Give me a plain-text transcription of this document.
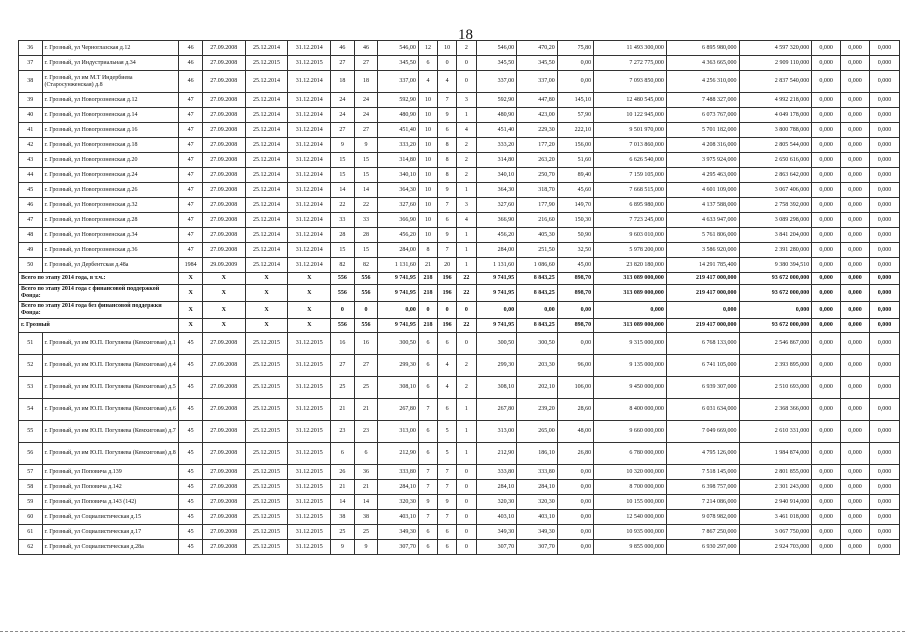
18
36	г. Грозный, ул Черноглазская д.12	46	27.09.2008	25.12.2014	31.12.2014	46	46	546,00	12	10	2	546,00	470,20	75,80	11 493 300,000	6 895 980,000	4 597 320,000	0,000	0,000	0,000
37	г. Грозный, ул Индустриальная д.34	46	27.09.2008	25.12.2015	31.12.2015	27	27	345,50	6	0	0	345,50	345,50	0,00	7 272 775,000	4 363 665,000	2 909 110,000	0,000	0,000	0,000
38	г. Грозный, ул им М.Т Индербиева (Старосунженская) д.8	46	27.09.2008	25.12.2014	31.12.2014	18	18	337,00	4	4	0	337,00	337,00	0,00	7 093 850,000	4 256 310,000	2 837 540,000	0,000	0,000	0,000
39	г. Грозный, ул Новогрозненская д.12	47	27.09.2008	25.12.2014	31.12.2014	24	24	592,90	10	7	3	592,90	447,80	145,10	12 480 545,000	7 488 327,000	4 992 218,000	0,000	0,000	0,000
40	г. Грозный, ул Новогрозненская д.14	47	27.09.2008	25.12.2014	31.12.2014	24	24	480,90	10	9	1	480,90	423,00	57,90	10 122 945,000	6 073 767,000	4 049 178,000	0,000	0,000	0,000
41	г. Грозный, ул Новогрозненская д.16	47	27.09.2008	25.12.2014	31.12.2014	27	27	451,40	10	6	4	451,40	229,30	222,10	9 501 970,000	5 701 182,000	3 800 788,000	0,000	0,000	0,000
42	г. Грозный, ул Новогрозненская д.18	47	27.09.2008	25.12.2014	31.12.2014	9	9	333,20	10	8	2	333,20	177,20	156,00	7 013 860,000	4 208 316,000	2 805 544,000	0,000	0,000	0,000
43	г. Грозный, ул Новогрозненская д.20	47	27.09.2008	25.12.2014	31.12.2014	15	15	314,80	10	8	2	314,80	263,20	51,60	6 626 540,000	3 975 924,000	2 650 616,000	0,000	0,000	0,000
44	г. Грозный, ул Новогрозненская д.24	47	27.09.2008	25.12.2014	31.12.2014	15	15	340,10	10	8	2	340,10	250,70	89,40	7 159 105,000	4 295 463,000	2 863 642,000	0,000	0,000	0,000
45	г. Грозный, ул Новогрозненская д.26	47	27.09.2008	25.12.2014	31.12.2014	14	14	364,30	10	9	1	364,30	318,70	45,60	7 668 515,000	4 601 109,000	3 067 406,000	0,000	0,000	0,000
46	г. Грозный, ул Новогрозненская д.32	47	27.09.2008	25.12.2014	31.12.2014	22	22	327,60	10	7	3	327,60	177,90	149,70	6 895 980,000	4 137 588,000	2 758 392,000	0,000	0,000	0,000
47	г. Грозный, ул Новогрозненская д.28	47	27.09.2008	25.12.2014	31.12.2014	33	33	366,90	10	6	4	366,90	216,60	150,30	7 723 245,000	4 633 947,000	3 089 298,000	0,000	0,000	0,000
48	г. Грозный, ул Новогрозненская д.34	47	27.09.2008	25.12.2014	31.12.2014	28	28	456,20	10	9	1	456,20	405,30	50,90	9 603 010,000	5 761 806,000	3 841 204,000	0,000	0,000	0,000
49	г. Грозный, ул Новогрозненская д.36	47	27.09.2008	25.12.2014	31.12.2014	15	15	284,00	8	7	1	284,00	251,50	32,50	5 978 200,000	3 586 920,000	2 391 280,000	0,000	0,000	0,000
50	г. Грозный, ул Дербентская д.48а	1984	29.09.2009	25.12.2014	31.12.2014	82	82	1 131,60	21	20	1	1 131,60	1 086,60	45,00	23 820 180,000	14 291 785,400	9 380 394,510	0,000	0,000	0,000
Всего по этапу 2014 года, в т.ч.:		X	X	X	X	556	556	9 741,95	218	196	22	9 741,95	8 843,25	898,70	313 089 000,000	219 417 000,000	93 672 000,000	0,000	0,000	0,000
Всего по этапу 2014 года с финансовой поддержкой Фонда:		X	X	X	X	556	556	9 741,95	218	196	22	9 741,95	8 843,25	898,70	313 089 000,000	219 417 000,000	93 672 000,000	0,000	0,000	0,000
Всего по этапу 2014 года без финансовой поддержки Фонда:		X	X	X	X	0	0	0,00	0	0	0	0,00	0,00	0,00	0,000	0,000	0,000	0,000	0,000	0,000
г. Грозный		X	X	X	X	556	556	9 741,95	218	196	22	9 741,95	8 843,25	898,70	313 089 000,000	219 417 000,000	93 672 000,000	0,000	0,000	0,000
51	г. Грозный, ул им Ю.П. Погуляева (Кемхиговая) д.1	45	27.09.2008	25.12.2015	31.12.2015	16	16	300,50	6	6	0	300,50	300,50	0,00	9 315 000,000	6 768 133,000	2 546 867,000	0,000	0,000	0,000
52	г. Грозный, ул им Ю.П. Погуляева (Кемхиговая) д.4	45	27.09.2008	25.12.2015	31.12.2015	27	27	299,30	6	4	2	299,30	203,30	96,00	9 135 000,000	6 741 105,000	2 393 895,000	0,000	0,000	0,000
53	г. Грозный, ул им Ю.П. Погуляева (Кемхиговая) д.5	45	27.09.2008	25.12.2015	31.12.2015	25	25	308,10	6	4	2	308,10	202,10	106,00	9 450 000,000	6 939 307,000	2 510 693,000	0,000	0,000	0,000
54	г. Грозный, ул им Ю.П. Погуляева (Кемхиговая) д.6	45	27.09.2008	25.12.2015	31.12.2015	21	21	267,80	7	6	1	267,80	239,20	28,60	8 400 000,000	6 031 634,000	2 368 366,000	0,000	0,000	0,000
55	г. Грозный, ул им Ю.П. Погуляева (Кемхиговая) д.7	45	27.09.2008	25.12.2015	31.12.2015	23	23	313,00	6	5	1	313,00	265,00	48,00	9 660 000,000	7 049 669,000	2 610 331,000	0,000	0,000	0,000
56	г. Грозный, ул им Ю.П. Погуляева (Кемхиговая) д.8	45	27.09.2008	25.12.2015	31.12.2015	6	6	212,90	6	5	1	212,90	186,10	26,80	6 780 000,000	4 795 126,000	1 984 874,000	0,000	0,000	0,000
57	г. Грозный, ул Поповича д.139	45	27.09.2008	25.12.2015	31.12.2015	26	36	333,80	7	7	0	333,80	333,80	0,00	10 320 000,000	7 518 145,000	2 801 855,000	0,000	0,000	0,000
58	г. Грозный, ул Поповича д.142	45	27.09.2008	25.12.2015	31.12.2015	21	21	284,10	7	7	0	284,10	284,10	0,00	8 700 000,000	6 398 757,000	2 301 243,000	0,000	0,000	0,000
59	г. Грозный, ул Поповича д.143 (142)	45	27.09.2008	25.12.2015	31.12.2015	14	14	320,30	9	9	0	320,30	320,30	0,00	10 155 000,000	7 214 086,000	2 940 914,000	0,000	0,000	0,000
60	г. Грозный, ул Социалистическая д.15	45	27.09.2008	25.12.2015	31.12.2015	38	38	403,10	7	7	0	403,10	403,10	0,00	12 540 000,000	9 078 982,000	3 461 018,000	0,000	0,000	0,000
61	г. Грозный, ул Социалистическая д.17	45	27.09.2008	25.12.2015	31.12.2015	25	25	349,30	6	6	0	349,30	349,30	0,00	10 935 000,000	7 867 250,000	3 067 750,000	0,000	0,000	0,000
62	г. Грозный, ул Социалистическая д.28а	45	27.09.2008	25.12.2015	31.12.2015	9	9	307,70	6	6	0	307,70	307,70	0,00	9 855 000,000	6 930 297,000	2 924 703,000	0,000	0,000	0,000
